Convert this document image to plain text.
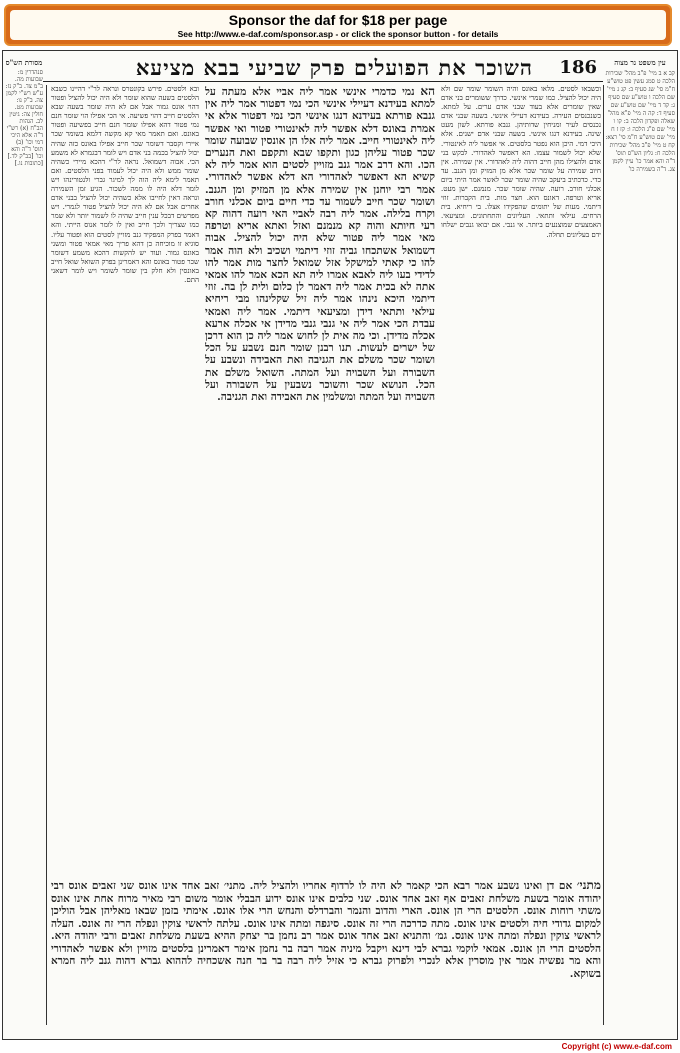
Sponsor the daf for $18 per page
See http://www.e-daf.com/sponsor.asp - or click the sponsor button - for details
186
השוכר את הפועלים פרק שביעי בבא מציעא
מסורת הש"ס
סנהדרין מ: שבועות מה. ב"מ צד. ב"ק נז: ע"ש רש"י לקמן צה. ב"ק נו: שבועות מט. חולין צה: גיטין לב. הגהות הב"ח (א) רש"י ד"ה אלא היכי דמי וכו' (ב) תוס' ד"ה והא וכו' [בב"ק לד.] [כתובות נו.]

ובא ולסטים. פירש בקונטרס ונראה לר"י דהיינו כשבא הלסטים בשעה שהוא שומר ולא היה יכול להציל ופטור דהוי אונס גמור אבל אם לא היה שומר בשעה שבא הלסטים חייב דהוי פשיעה. אי הכי אפילו הוי שומר חנם נמי פטור דהא אפילו שומר חנם חייב בפשיעה ופטור באונס. ואם תאמר מאי קא מקשה דלמא בשומר שכר איירי וקסבר דשומר שכר חייב אפילו באונס כזה שהיה יכול להציל בכמה בני אדם ויש לומר דבגמרא לא משמע הכי. אבוה דשמואל. נראה לר"י דהכא מיירי כשהיה שומר ממש ולא היה יכול לעמוד בפני הלסטים. ואם תאמר לימא ליה הוה לך למיגר גברי ולנטורינהו ויש לומר דלא היה לו ממה לשכור. הגיע זמן השמירה ונראה דאין לחייבו אלא כשהיה יכול להציל בבני אדם אחרים אבל אם לא היה יכול להציל פטור לגמרי. ויש מפרשים דבכל ענין חייב שהיה לו לשמור יותר ולא שמר כמו שצריך ולכך חייב ואין לו לומר אנוס הייתי. והא דאמר בפרק המפקיד גנב מזויין לסטים הוא ופטור עליו. סוגיא זו מוכיחה כן דהא פריך מאי אמאי פטור ומשני באונס גמור. ועוד יש להקשות דהכא משמע דשומר שכר פטור באונס והא דאמרינן בפרק השואל שואל חייב באונסין ולא חלק בין שומר לשומר ויש לומר דשאני התם.

הא נמי כדמרי אינשי אמר ליה אביי אלא מעתה על למתא בעידנא דעיילי אינשי הכי נמי דפטור אמר ליה אין גנבא פורתא בעידנא דנגו אינשי הכי נמי דפטור אלא אי אמרת באונס דלא אפשר ליה לאינטורי פטור ואי אפשר ליה לאינטורי חייב. אמר ליה אלו הן אונסין שבועה שומר שכר פטור עליהן כגון ותקפו שבא ותקפם ואת הנערים הכו. והא דרב אמר גנב מזויין לסטים הוא אמר ליה לא קשיא הא דאפשר לאהדורי הא דלא אפשר לאהדורי. אמר רבי יוחנן אין שמירה אלא מן המזיק ומן הגנב. ושומר שכר חייב לשמור עד כדי חיים ביום אכלני חורב וקרח בלילה. אמר ליה רבה לאביי האי רועה דהוה קא רעי חיותא והוה קא מנמנם ואזל ואתא אריא וטרפה מאי אמר ליה פטור שלא היה יכול להציל. אבוה דשמואל אשתכחו גביה זוזי דיתמי ושכיב ולא הוה אמר להו כי קאתי למישקל אזל שמואל לחצר מות אמר להו לדידי בעו ליה לאבא אמרו ליה תא הכא אמר להו אמאי אתה לא בכית אמר ליה דאמר לן כלום ולית לן בה. זוזי דיתמי היכא נינהו אמר ליה זיל שקלינהו מבי ריחיא עילאי ותתאי דידן ומציעאי דיתמי. אמר ליה ואמאי עבדת הכי אמר ליה אי גנבי גנבי מדידן אי אכלה ארעא אכלה מדידן. וכי מה אית לן לחוש אמר ליה כן הוא דרכן של ישרים לעשות. תנו רבנן שומר חנם נשבע על הכל ושומר שכר משלם את הגניבה ואת האבידה ונשבע על השבורה ועל השבויה ועל המתה. השואל משלם את הכל. הנושא שכר והשוכר נשבעין על השבורה ועל השבויה ועל המתה ומשלמין את האבידה ואת הגניבה.

וכשבאו לסטים. מלאו באונס והיה השומר שומר שם ולא היה יכול להציל. כמו שמרי אינשי. כדרך ששומרים בני אדם שאין שומרים אלא בעוד שבני אדם ערים. על למתא. כשנכנסים העירה. בעידנא דעיילי אינשי. בשעה שבני אדם נכנסים לעיר ומניחין שדותיהן. גנבא פורתא. לשון מעט שינה. בעידנא דנגו אינשי. בשעה שבני אדם ישנים. אלא היכי דמי. היכן הוא נפטר בלסטים. אי אפשר ליה לאינטורי. שלא יכול לשמור עצמו. הא דאפשר לאהדורי. לבקש בני אדם ולהצילו מהן חייב דהוה ליה לאהדורי. אין שמירה. אין חיוב שמירה על שומר שכר אלא מן המזיק ומן הגנב. עד כדי. כדכתיב ביעקב שהיה שומר שכר לאשר אמר היתי ביום אכלני חורב. רועה. שהיה שומר שכר. מנמנם. ישן מעט. אריא וטרפה. דאונס הוא. חצר מות. בית הקברות. זוזי דיתמי. מעות של יתומים שהפקידו אצלו. בי ריחיא. בית הרחים. עילאי ותתאי. העליונים והתחתונים. ומציעאי. האמצעים שמוצנעים ביותר. אי גנבי. אם יבואו גנבים ישלחו ידם בעליונים תחלה.

מתני׳ אם דן ואינו נשבע אמר רבא הכי קאמר לא היה לו לרדוף אחריו ולהציל ליה. מתני׳ זאב אחד אינו אונס שני זאבים אונס רבי יהודה אומר בשעת משלחת זאבים אף זאב אחד אונס. שני כלבים אינו אונס ידוע הבבלי אומר משום רבי מאיר מרוח אחת אינו אונס משתי רוחות אונס. הלסטים הרי הן אונס. הארי והדוב והנמר והברדלס והנחש הרי אלו אונס. אימתי בזמן שבאו מאליהן אבל הוליכן למקום גדודי חיה ולסטים אינו אונס. מתה כדרכה הרי זה אונס. סיגפה ומתה אינו אונס. עלתה לראשי צוקין ונפלה הרי זה אונס. העלה לראשי צוקין ונפלה ומתה אינו אונס. גמ׳ והתניא זאב אחד אונס אמר רב נחמן בר יצחק ההיא בשעת משלחת זאבים ורבי יהודה היא. הלסטים הרי הן אונס. אמאי לוקמי גברא לבי דינא ויקבל מיניה אמר רבה בר נחמן אימר דאמרינן בלסטים מזויין ולא אפשר לאהדורי והא מר נפשיה אמר אין מוסרין אלא לנכרי ולפרוק גברא כי אזיל ליה רבה בר בר חנה אשכחיה לההוא גברא דהוה גנב ליה חמרא בשוקא.
עין משפט נר מצוה
קב א ב מיי' פ"ב מהל' שכירות הלכה ט סמג עשין פט טוש"ע ח"מ סי' שג סעיף ב: קג ג מיי' שם הלכה ו טוש"ע שם סעיף ג: קד ד מיי' שם טוש"ע שם סעיף ד: קה ה מיי' פ"א מהל' שאלה ופקדון הלכה ב: קו ו מיי' שם פ"ג הלכה ו: קז ז ח מיי' שם טוש"ע ח"מ סי' רצא: קח ט מיי' פ"ב מהל' שכירות הלכה ח: גליון הש"ס תוס' ד"ה והא אמר כו' עיין לקמן צג. ד"ה בשמירה כו'
Copyright (c) www.e-daf.com
